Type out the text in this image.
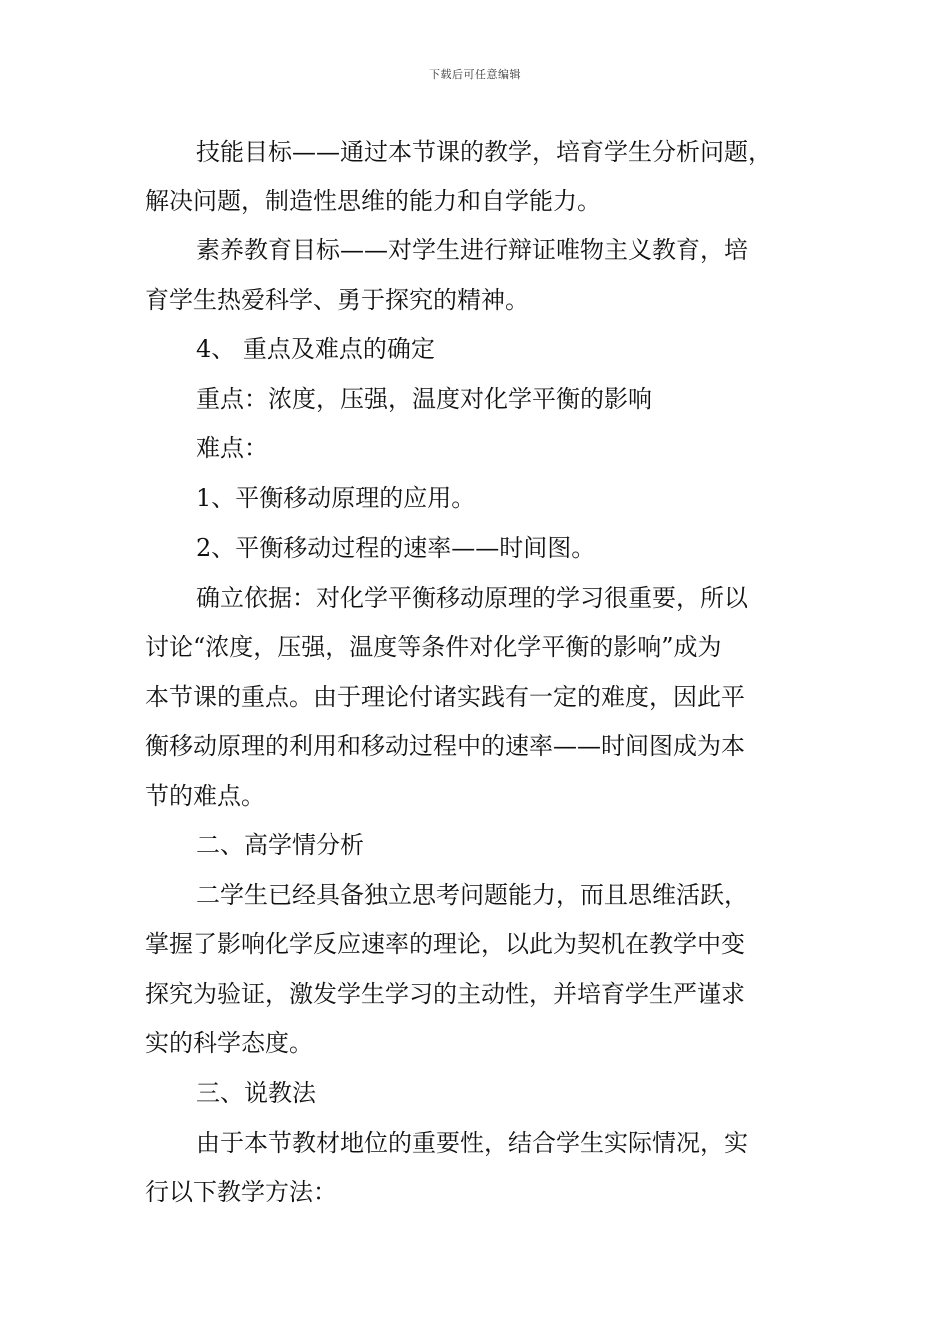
下载后可任意编辑
技能目标——通过本节课的教学，培育学生分析问题，
解决问题，制造性思维的能力和自学能力。
素养教育目标——对学生进行辩证唯物主义教育，培
育学生热爱科学、勇于探究的精神。
4、 重点及难点的确定
重点：浓度，压强，温度对化学平衡的影响
难点：
1、平衡移动原理的应用。
2、平衡移动过程的速率——时间图。
确立依据：对化学平衡移动原理的学习很重要，所以
讨论“浓度，压强，温度等条件对化学平衡的影响”成为
本节课的重点。由于理论付诸实践有一定的难度，因此平
衡移动原理的利用和移动过程中的速率——时间图成为本
节的难点。
二、高学情分析
二学生已经具备独立思考问题能力，而且思维活跃，
掌握了影响化学反应速率的理论，以此为契机在教学中变
探究为验证，激发学生学习的主动性，并培育学生严谨求
实的科学态度。
三、说教法
由于本节教材地位的重要性，结合学生实际情况，实
行以下教学方法：
